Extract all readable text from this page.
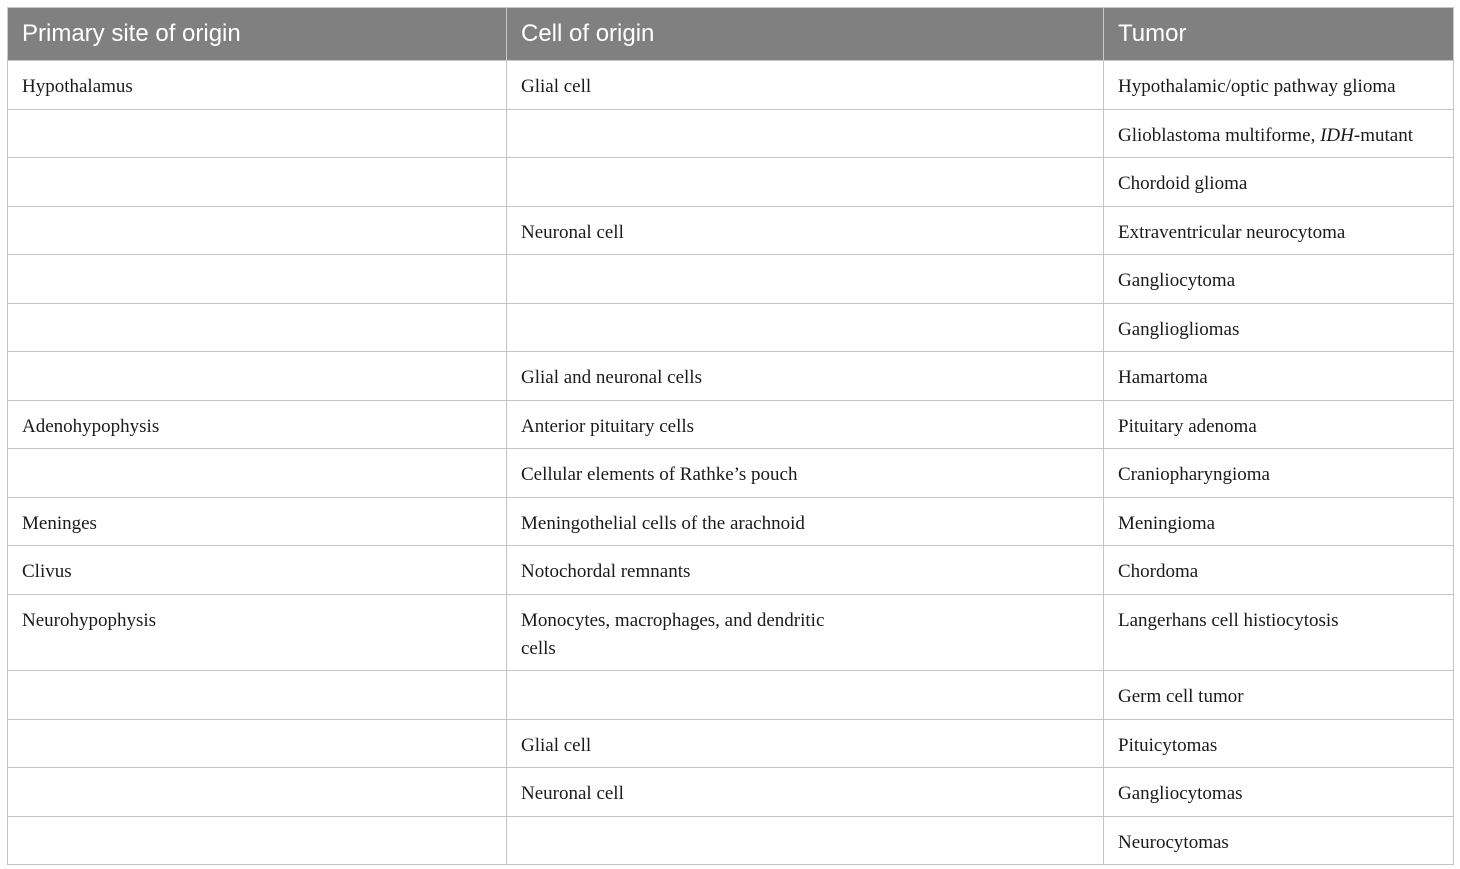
Primary site of origin	Cell of origin	Tumor
Hypothalamus	Glial cell	Hypothalamic/optic pathway glioma
		Glioblastoma multiforme, IDH-mutant
		Chordoid glioma
	Neuronal cell	Extraventricular neurocytoma
		Gangliocytoma
		Gangliogliomas
	Glial and neuronal cells	Hamartoma
Adenohypophysis	Anterior pituitary cells	Pituitary adenoma
	Cellular elements of Rathke’s pouch	Craniopharyngioma
Meninges	Meningothelial cells of the arachnoid	Meningioma
Clivus	Notochordal remnants	Chordoma
Neurohypophysis	Monocytes, macrophages, and dendritic cells	Langerhans cell histiocytosis
		Germ cell tumor
	Glial cell	Pituicytomas
	Neuronal cell	Gangliocytomas
		Neurocytomas
